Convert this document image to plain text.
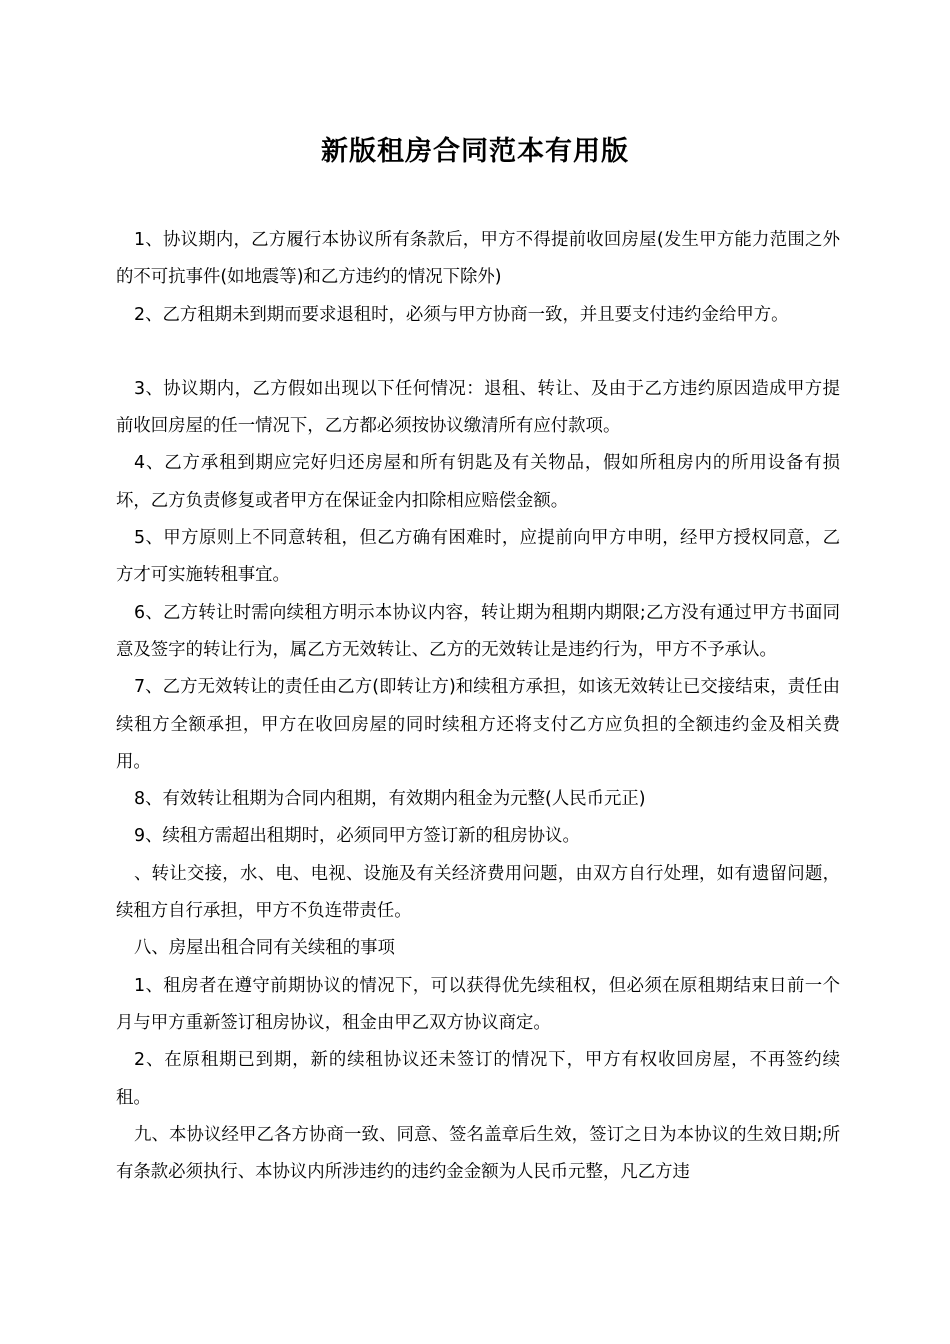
新版租房合同范本有用版

1、协议期内，乙方履行本协议所有条款后，甲方不得提前收回房屋(发生甲方能力范围之外的不可抗事件(如地震等)和乙方违约的情况下除外)

2、乙方租期未到期而要求退租时，必须与甲方协商一致，并且要支付违约金给甲方。

3、协议期内，乙方假如出现以下任何情况：退租、转让、及由于乙方违约原因造成甲方提前收回房屋的任一情况下，乙方都必须按协议缴清所有应付款项。

4、乙方承租到期应完好归还房屋和所有钥匙及有关物品，假如所租房内的所用设备有损坏，乙方负责修复或者甲方在保证金内扣除相应赔偿金额。

5、甲方原则上不同意转租，但乙方确有困难时，应提前向甲方申明，经甲方授权同意，乙方才可实施转租事宜。

6、乙方转让时需向续租方明示本协议内容，转让期为租期内期限;乙方没有通过甲方书面同意及签字的转让行为，属乙方无效转让、乙方的无效转让是违约行为，甲方不予承认。

7、乙方无效转让的责任由乙方(即转让方)和续租方承担，如该无效转让已交接结束，责任由续租方全额承担，甲方在收回房屋的同时续租方还将支付乙方应负担的全额违约金及相关费用。

8、有效转让租期为合同内租期，有效期内租金为元整(人民币元正)

9、续租方需超出租期时，必须同甲方签订新的租房协议。

、转让交接，水、电、电视、设施及有关经济费用问题，由双方自行处理，如有遗留问题，续租方自行承担，甲方不负连带责任。

八、房屋出租合同有关续租的事项

1、租房者在遵守前期协议的情况下，可以获得优先续租权，但必须在原租期结束日前一个月与甲方重新签订租房协议，租金由甲乙双方协议商定。

2、在原租期已到期，新的续租协议还未签订的情况下，甲方有权收回房屋，不再签约续租。

九、本协议经甲乙各方协商一致、同意、签名盖章后生效，签订之日为本协议的生效日期;所有条款必须执行、本协议内所涉违约的违约金金额为人民币元整，凡乙方违
